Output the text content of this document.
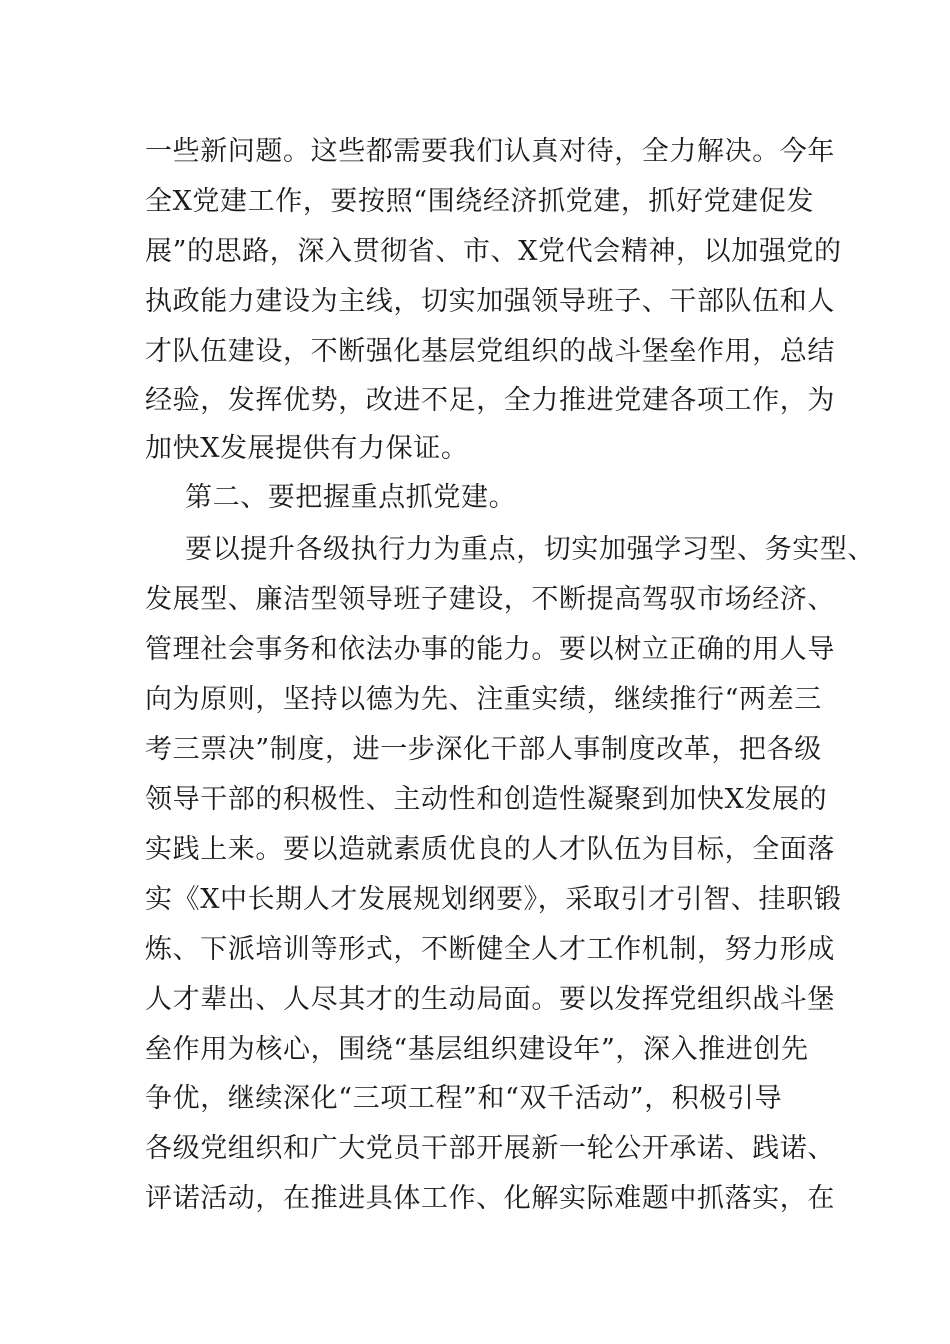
一些新问题。这些都需要我们认真对待，全力解决。今年

全X党建工作，要按照“围绕经济抓党建，抓好党建促发

展”的思路，深入贯彻省、市、X党代会精神，以加强党的

执政能力建设为主线，切实加强领导班子、干部队伍和人

才队伍建设，不断强化基层党组织的战斗堡垒作用，总结

经验，发挥优势，改进不足，全力推进党建各项工作，为

加快X发展提供有力保证。

第二、要把握重点抓党建。

要以提升各级执行力为重点，切实加强学习型、务实型、

发展型、廉洁型领导班子建设，不断提高驾驭市场经济、

管理社会事务和依法办事的能力。要以树立正确的用人导

向为原则，坚持以德为先、注重实绩，继续推行“两差三

考三票决”制度，进一步深化干部人事制度改革，把各级

领导干部的积极性、主动性和创造性凝聚到加快X发展的

实践上来。要以造就素质优良的人才队伍为目标，全面落

实《X中长期人才发展规划纲要》，采取引才引智、挂职锻

炼、下派培训等形式，不断健全人才工作机制，努力形成

人才辈出、人尽其才的生动局面。要以发挥党组织战斗堡

垒作用为核心，围绕“基层组织建设年”，深入推进创先

争优，继续深化“三项工程”和“双千活动”，积极引导

各级党组织和广大党员干部开展新一轮公开承诺、践诺、

评诺活动，在推进具体工作、化解实际难题中抓落实，在
